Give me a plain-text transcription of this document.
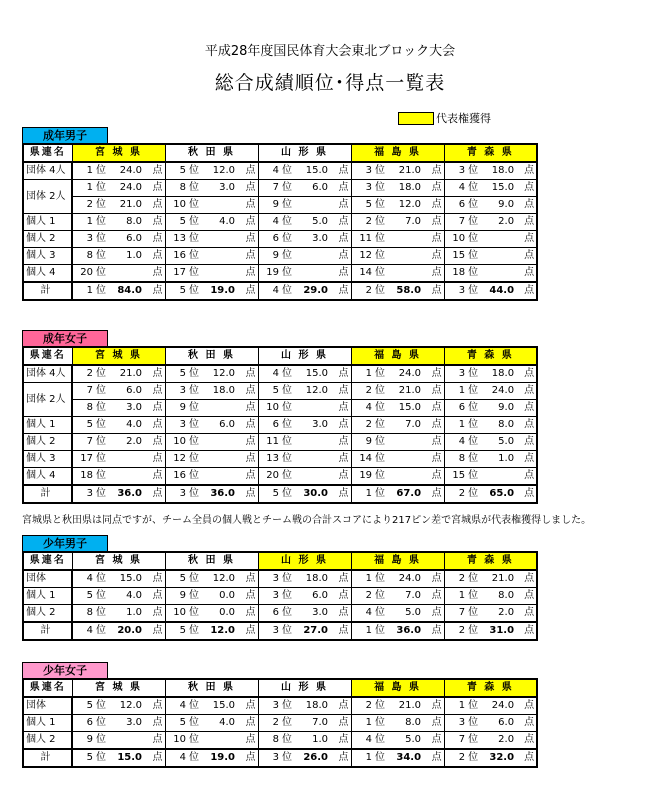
平成28年度国民体育大会東北ブロック大会
総合成績順位･得点一覧表
代表権獲得
成年男子
県連名	宮 城 県			秋 田 県			山 形 県			福 島 県			青 森 県		
団体 4人	1 位	24.0	点	5 位	12.0	点	4 位	15.0	点	3 位	21.0	点	3 位	18.0	点
団体 2人	1 位	24.0	点	8 位	3.0	点	7 位	6.0	点	3 位	18.0	点	4 位	15.0	点
	2 位	21.0	点	10 位		点	9 位		点	5 位	12.0	点	6 位	9.0	点
個人 1	1 位	8.0	点	5 位	4.0	点	4 位	5.0	点	2 位	7.0	点	7 位	2.0	点
個人 2	3 位	6.0	点	13 位		点	6 位	3.0	点	11 位		点	10 位		点
個人 3	8 位	1.0	点	16 位		点	9 位		点	12 位		点	15 位		点
個人 4	20 位		点	17 位		点	19 位		点	14 位		点	18 位		点
計	1 位	84.0	点	5 位	19.0	点	4 位	29.0	点	2 位	58.0	点	3 位	44.0	点
成年女子
県連名	宮 城 県			秋 田 県			山 形 県			福 島 県			青 森 県		
団体 4人	2 位	21.0	点	5 位	12.0	点	4 位	15.0	点	1 位	24.0	点	3 位	18.0	点
団体 2人	7 位	6.0	点	3 位	18.0	点	5 位	12.0	点	2 位	21.0	点	1 位	24.0	点
	8 位	3.0	点	9 位		点	10 位		点	4 位	15.0	点	6 位	9.0	点
個人 1	5 位	4.0	点	3 位	6.0	点	6 位	3.0	点	2 位	7.0	点	1 位	8.0	点
個人 2	7 位	2.0	点	10 位		点	11 位		点	9 位		点	4 位	5.0	点
個人 3	17 位		点	12 位		点	13 位		点	14 位		点	8 位	1.0	点
個人 4	18 位		点	16 位		点	20 位		点	19 位		点	15 位		点
計	3 位	36.0	点	3 位	36.0	点	5 位	30.0	点	1 位	67.0	点	2 位	65.0	点
宮城県と秋田県は同点ですが、チーム全員の個人戦とチーム戦の合計スコアにより217ピン差で宮城県が代表権獲得しました。
少年男子
県連名	宮 城 県			秋 田 県			山 形 県			福 島 県			青 森 県		
団体	4 位	15.0	点	5 位	12.0	点	3 位	18.0	点	1 位	24.0	点	2 位	21.0	点
個人 1	5 位	4.0	点	9 位	0.0	点	3 位	6.0	点	2 位	7.0	点	1 位	8.0	点
個人 2	8 位	1.0	点	10 位	0.0	点	6 位	3.0	点	4 位	5.0	点	7 位	2.0	点
計	4 位	20.0	点	5 位	12.0	点	3 位	27.0	点	1 位	36.0	点	2 位	31.0	点
少年女子
県連名	宮 城 県			秋 田 県			山 形 県			福 島 県			青 森 県		
団体	5 位	12.0	点	4 位	15.0	点	3 位	18.0	点	2 位	21.0	点	1 位	24.0	点
個人 1	6 位	3.0	点	5 位	4.0	点	2 位	7.0	点	1 位	8.0	点	3 位	6.0	点
個人 2	9 位		点	10 位		点	8 位	1.0	点	4 位	5.0	点	7 位	2.0	点
計	5 位	15.0	点	4 位	19.0	点	3 位	26.0	点	1 位	34.0	点	2 位	32.0	点
